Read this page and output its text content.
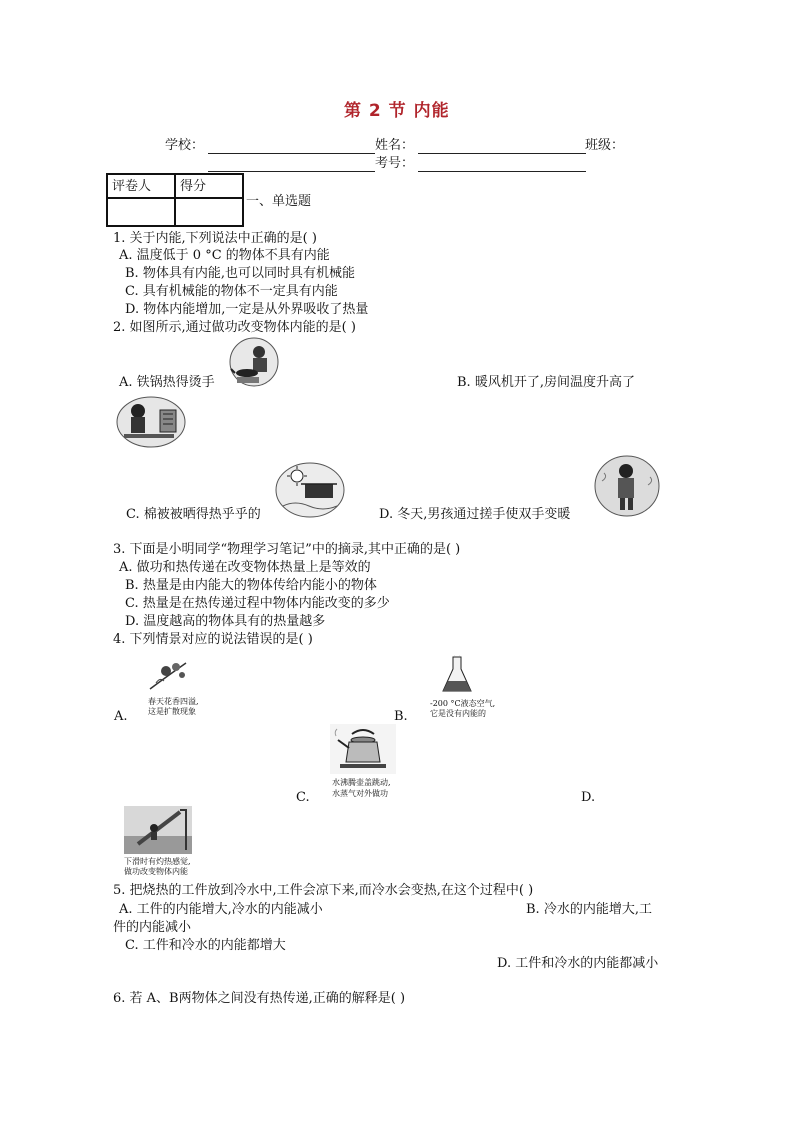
第 2 节 内能
学校：	姓名：	班级：
考号：
评卷人	得分

一、单选题
1. 关于内能,下列说法中正确的是( )
A. 温度低于 0 °C 的物体不具有内能
B. 物体具有内能,也可以同时具有机械能
C. 具有机械能的物体不一定具有内能
D. 物体内能增加,一定是从外界吸收了热量
2. 如图所示,通过做功改变物体内能的是( )
A. 铁锅热得烫手	B. 暖风机开了,房间温度升高了
C. 棉被被晒得热乎乎的	D. 冬天,男孩通过搓手使双手变暖
3. 下面是小明同学“物理学习笔记”中的摘录,其中正确的是( )
A. 做功和热传递在改变物体热量上是等效的
B. 热量是由内能大的物体传给内能小的物体
C. 热量是在热传递过程中物体内能改变的多少
D. 温度越高的物体具有的热量越多
4. 下列情景对应的说法错误的是( )
春天花香四溢,
这是扩散现象
A.
-200 °C液态空气,
它是没有内能的
B.
水沸腾壶盖跳动,
水蒸气对外做功
C.	D.
下滑时有灼热感觉,
做功改变物体内能
5. 把烧热的工件放到冷水中,工件会凉下来,而冷水会变热,在这个过程中( )
A. 工件的内能增大,冷水的内能减小	B. 冷水的内能增大,工
件的内能减小
C. 工件和冷水的内能都增大
D. 工件和冷水的内能都减小
6. 若 A、B两物体之间没有热传递,正确的解释是( )
